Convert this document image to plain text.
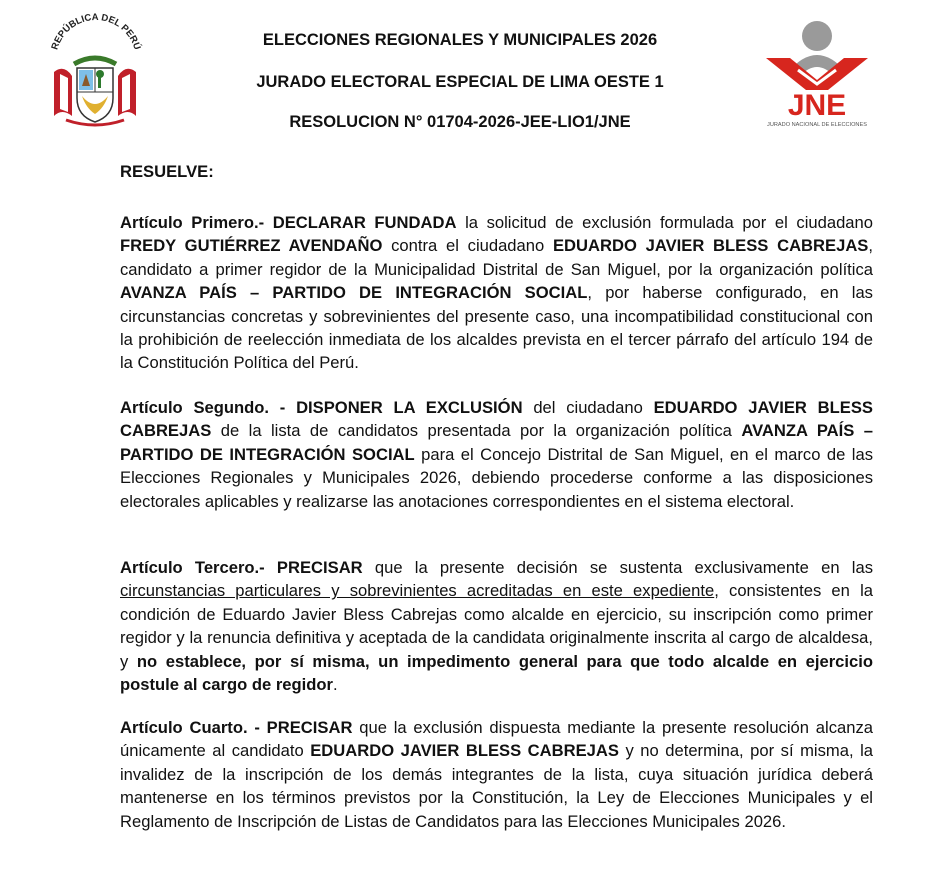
REPÚBLICA DEL PERÚ	ELECCIONES REGIONALES Y MUNICIPALES 2026
JURADO ELECTORAL ESPECIAL DE LIMA OESTE 1
RESOLUCION N° 01704-2026-JEE-LIO1/JNE	JNE
JURADO NACIONAL DE ELECCIONES
RESUELVE:
Artículo Primero.- DECLARAR FUNDADA la solicitud de exclusión formulada por el ciudadano FREDY GUTIÉRREZ AVENDAÑO contra el ciudadano EDUARDO JAVIER BLESS CABREJAS, candidato a primer regidor de la Municipalidad Distrital de San Miguel, por la organización política AVANZA PAÍS – PARTIDO DE INTEGRACIÓN SOCIAL, por haberse configurado, en las circunstancias concretas y sobrevinientes del presente caso, una incompatibilidad constitucional con la prohibición de reelección inmediata de los alcaldes prevista en el tercer párrafo del artículo 194 de la Constitución Política del Perú.
Artículo Segundo. - DISPONER LA EXCLUSIÓN del ciudadano EDUARDO JAVIER BLESS CABREJAS de la lista de candidatos presentada por la organización política AVANZA PAÍS – PARTIDO DE INTEGRACIÓN SOCIAL para el Concejo Distrital de San Miguel, en el marco de las Elecciones Regionales y Municipales 2026, debiendo procederse conforme a las disposiciones electorales aplicables y realizarse las anotaciones correspondientes en el sistema electoral.
Artículo Tercero.- PRECISAR que la presente decisión se sustenta exclusivamente en las circunstancias particulares y sobrevinientes acreditadas en este expediente, consistentes en la condición de Eduardo Javier Bless Cabrejas como alcalde en ejercicio, su inscripción como primer regidor y la renuncia definitiva y aceptada de la candidata originalmente inscrita al cargo de alcaldesa, y no establece, por sí misma, un impedimento general para que todo alcalde en ejercicio postule al cargo de regidor.
Artículo Cuarto. - PRECISAR que la exclusión dispuesta mediante la presente resolución alcanza únicamente al candidato EDUARDO JAVIER BLESS CABREJAS y no determina, por sí misma, la invalidez de la inscripción de los demás integrantes de la lista, cuya situación jurídica deberá mantenerse en los términos previstos por la Constitución, la Ley de Elecciones Municipales y el Reglamento de Inscripción de Listas de Candidatos para las Elecciones Municipales 2026.
